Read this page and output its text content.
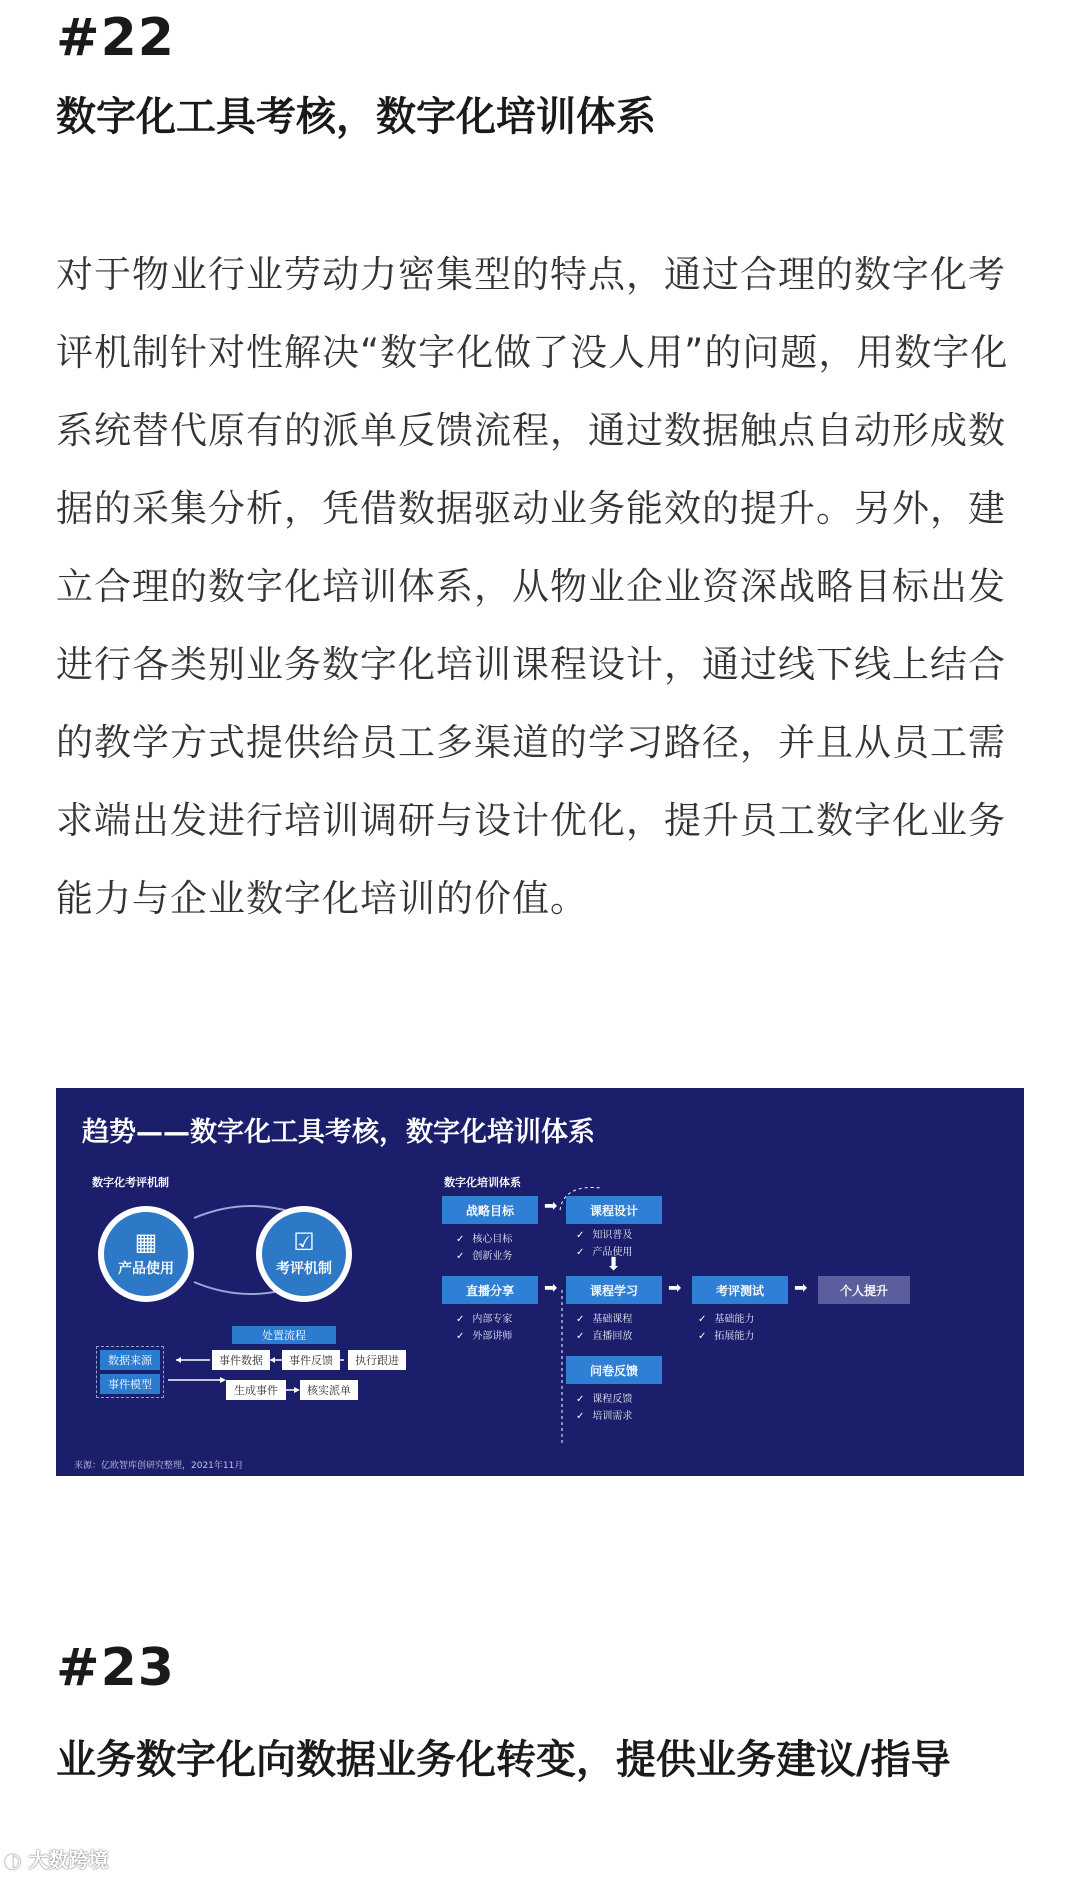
#22
数字化工具考核，数字化培训体系

对于物业行业劳动力密集型的特点，通过合理的数字化考评机制针对性解决“数字化做了没人用”的问题，用数字化系统替代原有的派单反馈流程，通过数据触点自动形成数据的采集分析，凭借数据驱动业务能效的提升。另外，建立合理的数字化培训体系，从物业企业资深战略目标出发进行各类别业务数字化培训课程设计，通过线下线上结合的教学方式提供给员工多渠道的学习路径，并且从员工需求端出发进行培训调研与设计优化，提升员工数字化业务能力与企业数字化培训的价值。

趋势——数字化工具考核，数字化培训体系
数字化考评机制
▦
产品使用
☑
考评机制
处置流程
数据来源
事件模型
事件数据	事件反馈	执行跟进
生成事件	核实派单
数字化培训体系
战略目标
✓ 核心目标
✓ 创新业务
➡
直播分享
✓ 内部专家
✓ 外部讲师
➡
课程设计
✓ 知识普及
✓ 产品使用
⬇
课程学习
✓ 基础课程
✓ 直播回放
➡	考评测试
✓ 基础能力
✓ 拓展能力
➡	个人提升
问卷反馈
✓ 课程反馈
✓ 培训需求
来源：亿欧智库创研究整理，2021年11月
#23
业务数字化向数据业务化转变，提供业务建议/指导
◐ 大数跨境
